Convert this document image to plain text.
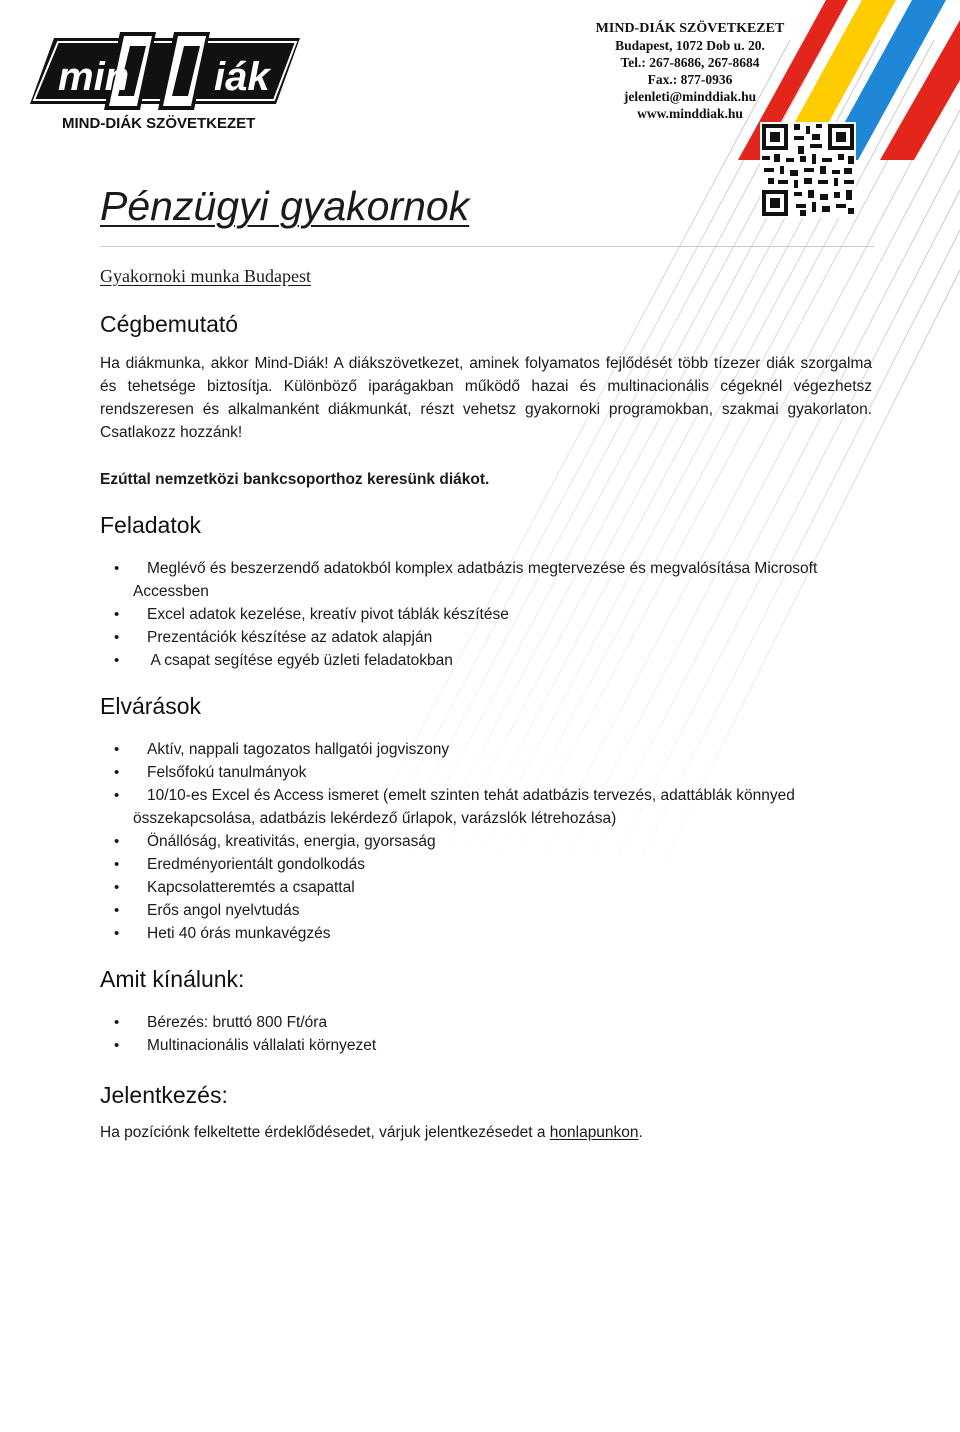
min iák
MIND-DIÁK SZÖVETKEZET
MIND-DIÁK SZÖVETKEZET
Budapest, 1072 Dob u. 20.
Tel.: 267-8686, 267-8684
Fax.: 877-0936
jelenleti@minddiak.hu
www.minddiak.hu
Pénzügyi gyakornok
Gyakornoki munka Budapest
Cégbemutató

Ha diákmunka, akkor Mind-Diák! A diákszövetkezet, aminek folyamatos fejlődését több tízezer diák szorgalma és tehetsége biztosítja. Különböző iparágakban működő hazai és multinacionális cégeknél végezhetsz rendszeresen és alkalmanként diákmunkát, részt vehetsz gyakornoki programokban, szakmai gyakorlaton. Csatlakozz hozzánk!

Ezúttal nemzetközi bankcsoporthoz keresünk diákot.
Feladatok
• Meglévő és beszerzendő adatokból komplex adatbázis megtervezése és megvalósítása Microsoft
Accessben
• Excel adatok kezelése, kreatív pivot táblák készítése
• Prezentációk készítése az adatok alapján
•  A csapat segítése egyéb üzleti feladatokban
Elvárások
• Aktív, nappali tagozatos hallgatói jogviszony
• Felsőfokú tanulmányok
• 10/10-es Excel és Access ismeret (emelt szinten tehát adatbázis tervezés, adattáblák könnyed
összekapcsolása, adatbázis lekérdező űrlapok, varázslók létrehozása)
• Önállóság, kreativitás, energia, gyorsaság
• Eredményorientált gondolkodás
• Kapcsolatteremtés a csapattal
• Erős angol nyelvtudás
• Heti 40 órás munkavégzés
Amit kínálunk:
• Bérezés: bruttó 800 Ft/óra
• Multinacionális vállalati környezet
Jelentkezés:

Ha pozíciónk felkeltette érdeklődésedet, várjuk jelentkezésedet a honlapunkon.
